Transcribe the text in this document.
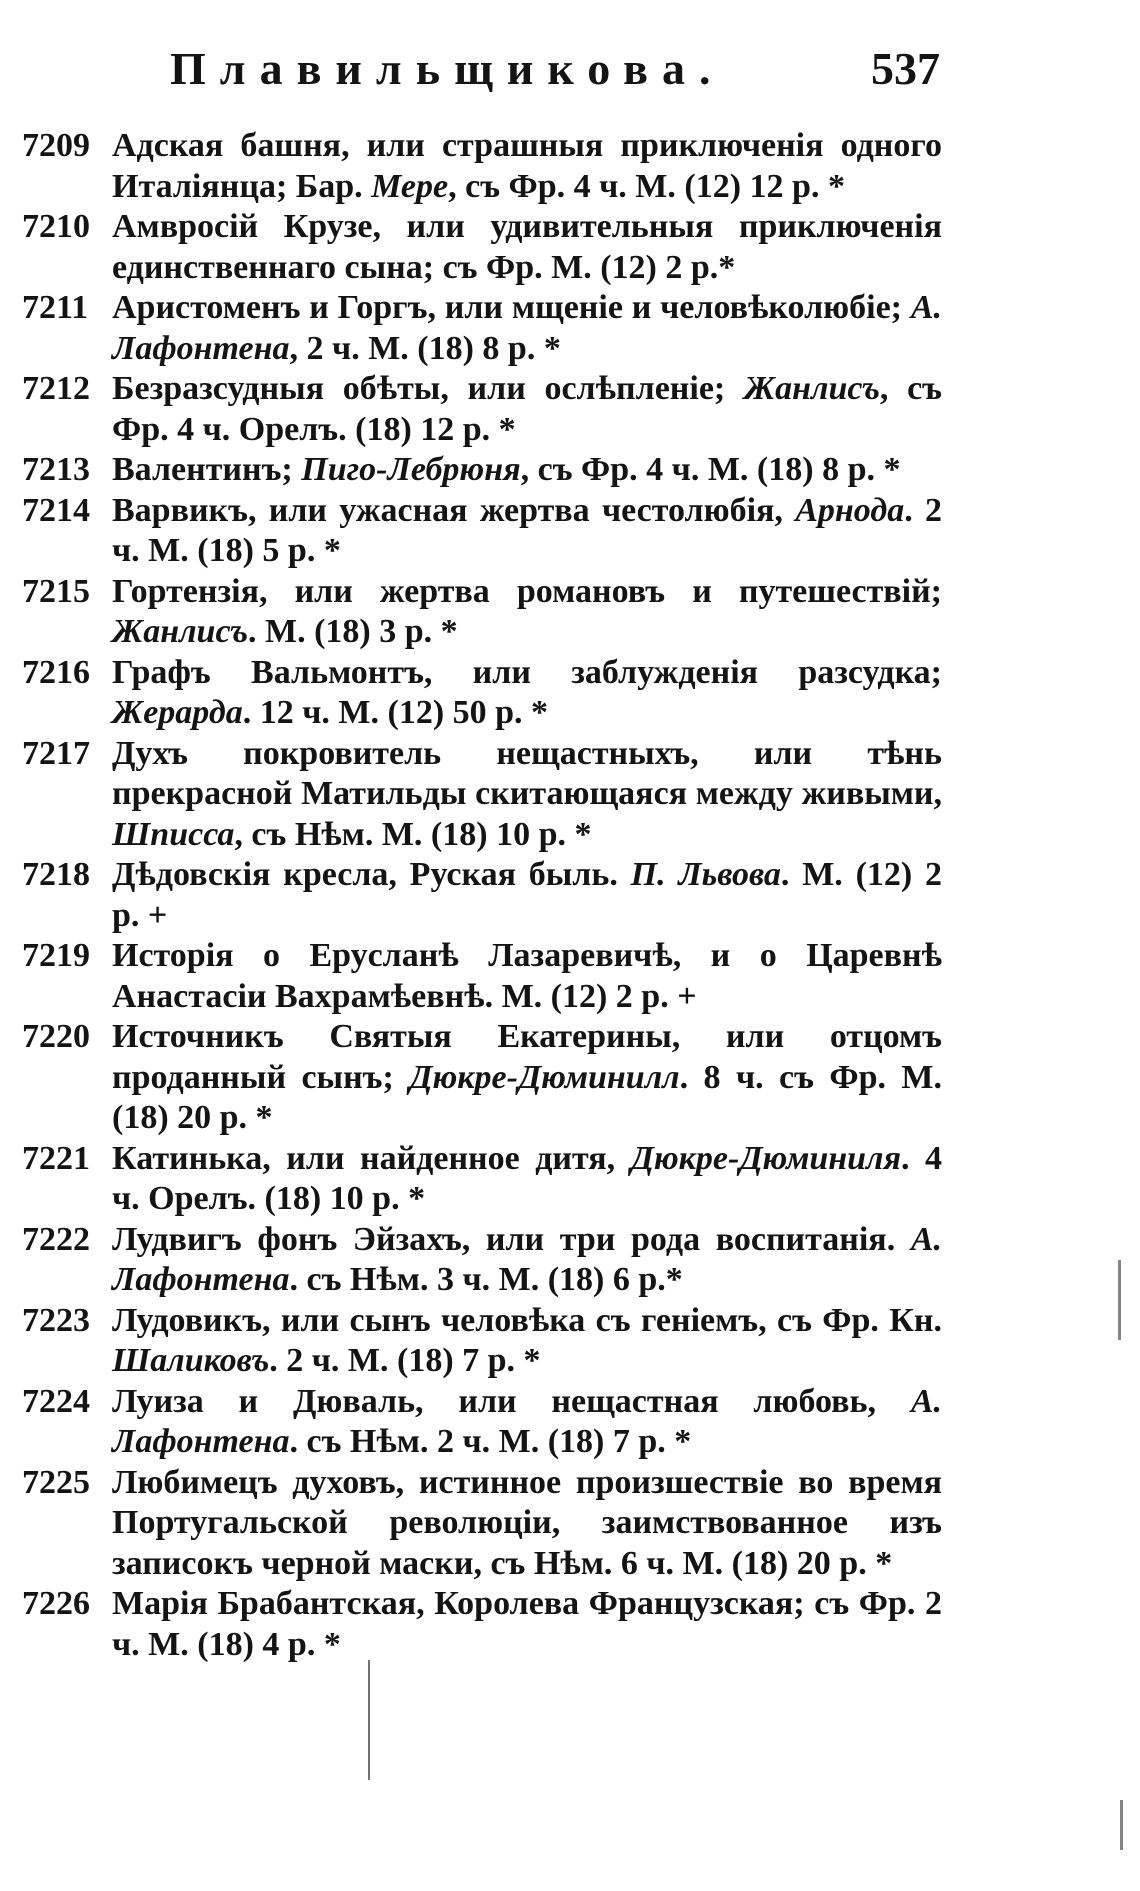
Плавильщикова.	537
7209 Адская башня, или страшныя приключенія одного Италіянца; Бар. Мере, съ Фр. 4 ч. М. (12) 12 р. *
7210 Амвросій Крузе, или удивительныя приключенія единственнаго сына; съ Фр. М. (12) 2 р.*
7211 Аристоменъ и Горгъ, или мщеніе и человѣколюбіе; А. Лафонтена, 2 ч. М. (18) 8 р. *
7212 Безразсудныя обѣты, или ослѣпленіе; Жанлисъ, съ Фр. 4 ч. Орелъ. (18) 12 р. *
7213 Валентинъ; Пиго-Лебрюня, съ Фр. 4 ч. М. (18) 8 р. *
7214 Варвикъ, или ужасная жертва честолюбія, Арнода. 2 ч. М. (18) 5 р. *
7215 Гортензія, или жертва романовъ и путешествій; Жанлисъ. М. (18) 3 р. *
7216 Графъ Вальмонтъ, или заблужденія разсудка; Жерарда. 12 ч. М. (12) 50 р. *
7217 Духъ покровитель нещастныхъ, или тѣнь прекрасной Матильды скитающаяся между живыми, Шписса, съ Нѣм. М. (18) 10 р. *
7218 Дѣдовскія кресла, Руская быль. П. Львова. М. (12) 2 р. +
7219 Исторія о Еруcланѣ Лазаревичѣ, и о Царевнѣ Анастасіи Вахрамѣевнѣ. М. (12) 2 р. +
7220 Источникъ Святыя Екатерины, или отцомъ проданный сынъ; Дюкре-Дюминилл. 8 ч. съ Фр. М. (18) 20 р. *
7221 Катинька, или найденное дитя, Дюкре-Дюминиля. 4 ч. Орелъ. (18) 10 р. *
7222 Лудвигъ фонъ Эйзахъ, или три рода воспитанія. А. Лафонтена. съ Нѣм. 3 ч. М. (18) 6 р.*
7223 Лудовикъ, или сынъ человѣка съ геніемъ, съ Фр. Кн. Шаликовъ. 2 ч. М. (18) 7 р. *
7224 Луиза и Дюваль, или нещастная любовь, А. Лафонтена. съ Нѣм. 2 ч. М. (18) 7 р. *
7225 Любимецъ духовъ, истинное произшествіе во время Португальской революціи, заимствованное изъ записокъ черной маски, съ Нѣм. 6 ч. М. (18) 20 р. *
7226 Марія Брабантская, Королева Французская; съ Фр. 2 ч. М. (18) 4 р. *
